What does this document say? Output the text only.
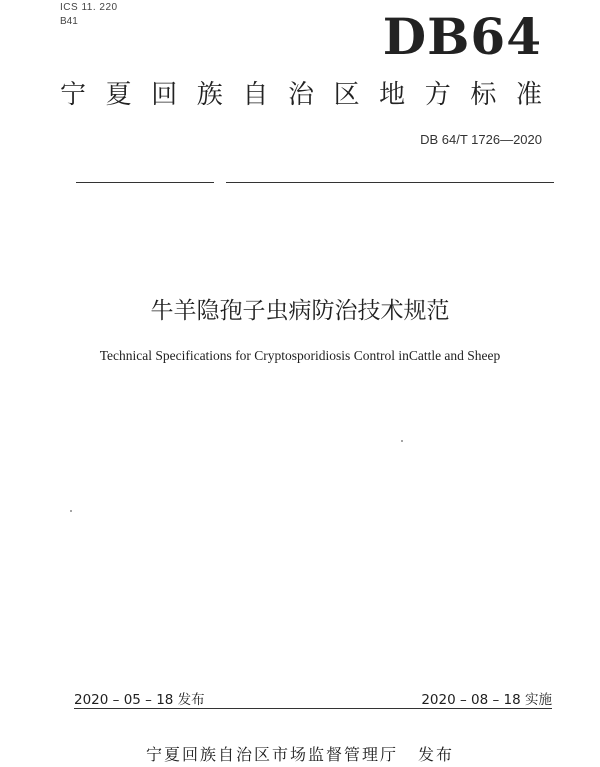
ICS 11. 220
B41	DB64
宁 夏 回 族 自 治 区 地 方 标 准
DB 64/T 1726—2020
牛羊隐孢子虫病防治技术规范
Technical Specifications for Cryptosporidiosis Control inCattle and Sheep
2020 – 05 – 18 发布	2020 – 08 – 18 实施
宁夏回族自治区市场监督管理厅 发布
